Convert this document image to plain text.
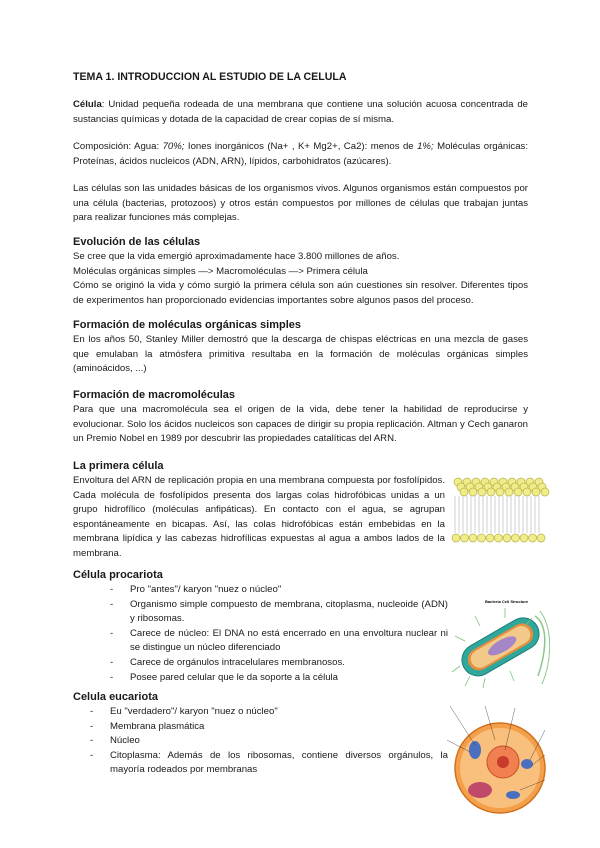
TEMA 1. INTRODUCCION AL ESTUDIO DE LA CELULA

Célula: Unidad pequeña rodeada de una membrana que contiene una solución acuosa concentrada de sustancias químicas y dotada de la capacidad de crear copias de sí misma.

Composición: Agua: 70%; Iones inorgánicos (Na+ , K+ Mg2+, Ca2): menos de 1%; Moléculas orgánicas: Proteínas, ácidos nucleicos (ADN, ARN), lípidos, carbohidratos (azúcares).

Las células son las unidades básicas de los organismos vivos. Algunos organismos están compuestos por una célula (bacterias, protozoos) y otros están compuestos por millones de células que trabajan juntas para realizar funciones más complejas.

Evolución de las células

Se cree que la vida emergió aproximadamente hace 3.800 millones de años.

Moléculas orgánicas simples —> Macromoléculas —> Primera célula

Cómo se originó la vida y cómo surgió la primera célula son aún cuestiones sin resolver. Diferentes tipos de experimentos han proporcionado evidencias importantes sobre algunos pasos del proceso.

Formación de moléculas orgánicas simples

En los años 50, Stanley Miller demostró que la descarga de chispas eléctricas en una mezcla de gases que emulaban la atmósfera primitiva resultaba en la formación de moléculas orgánicas simples (aminoácidos, ...)

Formación de macromoléculas

Para que una macromolécula sea el origen de la vida, debe tener la habilidad de reproducirse y evolucionar. Solo los ácidos nucleicos son capaces de dirigir su propia replicación. Altman y Cech ganaron un Premio Nobel en 1989 por descubrir las propiedades catalíticas del ARN.

La primera célula

Envoltura del ARN de replicación propia en una membrana compuesta por fosfolípidos. Cada molécula de fosfolípidos presenta dos largas colas hidrofóbicas unidas a un grupo hidrofílico (moléculas anfipáticas). En contacto con el agua, se agrupan espontáneamente en bicapas. Así, las colas hidrofóbicas están embebidas en la membrana lipídica y las cabezas hidrofílicas expuestas al agua a ambos lados de la membrana.

Célula procariota
- Pro "antes"/ karyon "nuez o núcleo"
- Organismo simple compuesto de membrana, citoplasma, nucleoide (ADN) y ribosomas.
- Carece de núcleo: El DNA no está encerrado en una envoltura nuclear ni se distingue un núcleo diferenciado
- Carece de orgánulos intracelulares membranosos.
- Posee pared celular que le da soporte a la célula
Celula eucariota
- Eu "verdadero"/ karyon "nuez o núcleo"
- Membrana plasmática
- Núcleo
- Citoplasma: Además de los ribosomas, contiene diversos orgánulos, la mayoría rodeados por membranas
Bacteria Cell Structure
